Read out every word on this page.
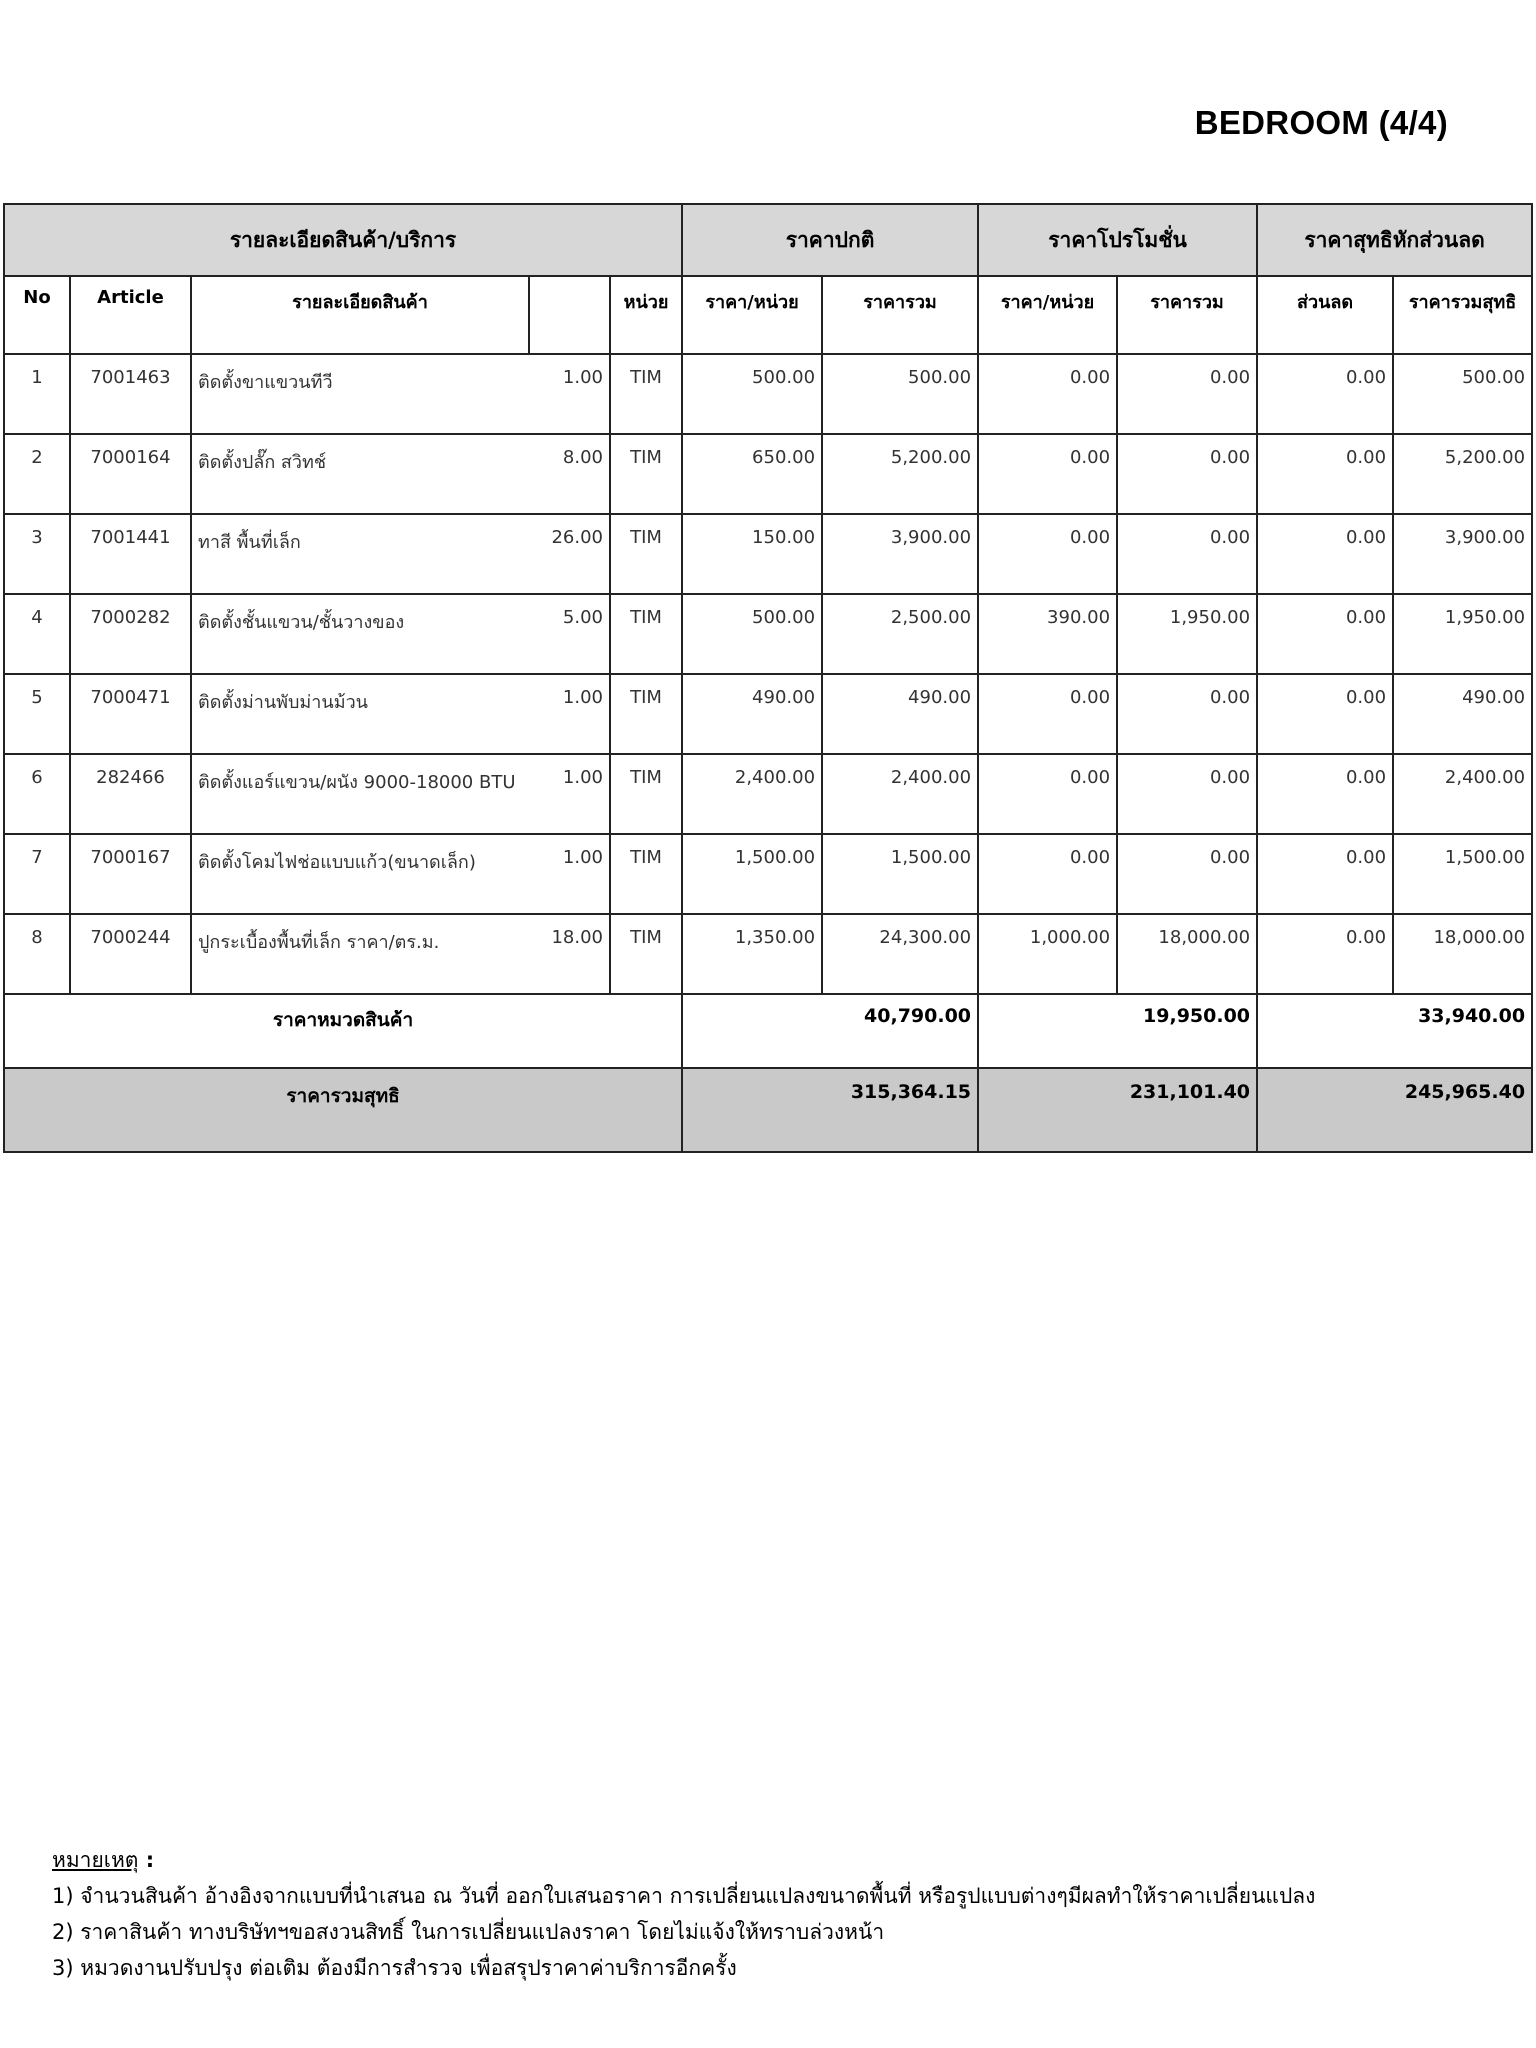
BEDROOM (4/4)
รายละเอียดสินค้า/บริการ					ราคาปกติ		ราคาโปรโมชั่น		ราคาสุทธิหักส่วนลด	
No	Article	รายละเอียดสินค้า		หน่วย	ราคา/หน่วย	ราคารวม	ราคา/หน่วย	ราคารวม	ส่วนลด	ราคารวมสุทธิ
1	7001463	ติดตั้งขาแขวนทีวี	1.00	TIM	500.00	500.00	0.00	0.00	0.00	500.00
2	7000164	ติดตั้งปลั๊ก สวิทช์	8.00	TIM	650.00	5,200.00	0.00	0.00	0.00	5,200.00
3	7001441	ทาสี พื้นที่เล็ก	26.00	TIM	150.00	3,900.00	0.00	0.00	0.00	3,900.00
4	7000282	ติดตั้งชั้นแขวน/ชั้นวางของ	5.00	TIM	500.00	2,500.00	390.00	1,950.00	0.00	1,950.00
5	7000471	ติดตั้งม่านพับม่านม้วน	1.00	TIM	490.00	490.00	0.00	0.00	0.00	490.00
6	282466	ติดตั้งแอร์แขวน/ผนัง 9000-18000 BTU	1.00	TIM	2,400.00	2,400.00	0.00	0.00	0.00	2,400.00
7	7000167	ติดตั้งโคมไฟช่อแบบแก้ว(ขนาดเล็ก)	1.00	TIM	1,500.00	1,500.00	0.00	0.00	0.00	1,500.00
8	7000244	ปูกระเบื้องพื้นที่เล็ก ราคา/ตร.ม.	18.00	TIM	1,350.00	24,300.00	1,000.00	18,000.00	0.00	18,000.00
ราคาหมวดสินค้า					40,790.00		19,950.00		33,940.00	
ราคารวมสุทธิ					315,364.15		231,101.40		245,965.40	
หมายเหตุ :
1) จำนวนสินค้า อ้างอิงจากแบบที่นำเสนอ ณ วันที่ ออกใบเสนอราคา การเปลี่ยนแปลงขนาดพื้นที่ หรือรูปแบบต่างๆมีผลทำให้ราคาเปลี่ยนแปลง
2) ราคาสินค้า ทางบริษัทฯขอสงวนสิทธิ์ ในการเปลี่ยนแปลงราคา โดยไม่แจ้งให้ทราบล่วงหน้า
3) หมวดงานปรับปรุง ต่อเติม ต้องมีการสำรวจ เพื่อสรุปราคาค่าบริการอีกครั้ง
